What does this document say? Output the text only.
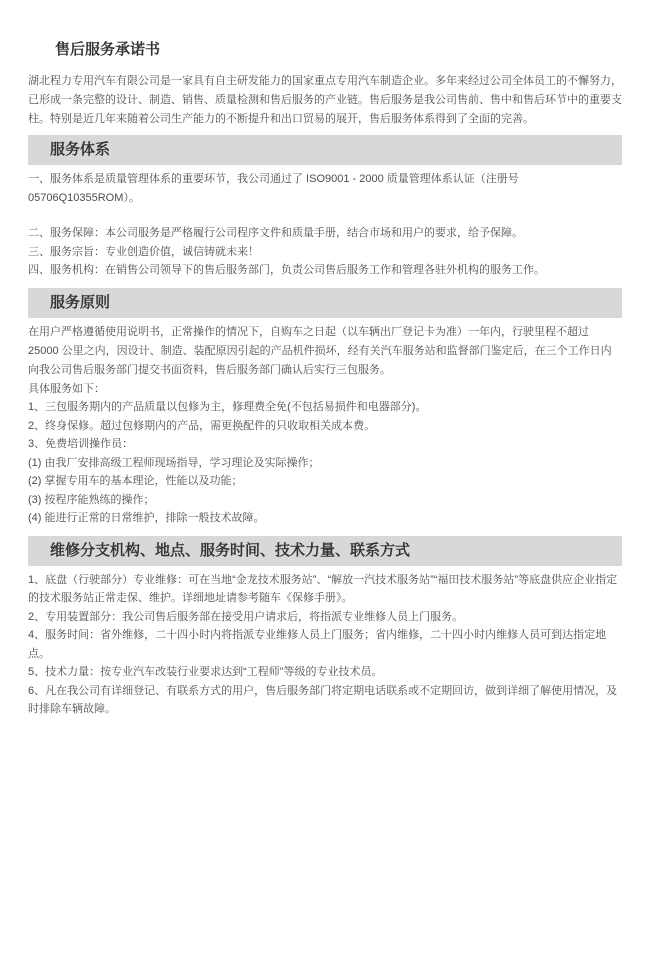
售后服务承诺书

湖北程力专用汽车有限公司是一家具有自主研发能力的国家重点专用汽车制造企业。多年来经过公司全体员工的不懈努力，已形成一条完整的设计、制造、销售、质量检测和售后服务的产业链。售后服务是我公司售前、售中和售后环节中的重要支柱。特别是近几年来随着公司生产能力的不断提升和出口贸易的展开，售后服务体系得到了全面的完善。

服务体系

一、服务体系是质量管理体系的重要环节，我公司通过了 ISO9001 - 2000 质量管理体系认证（注册号 05706Q10355ROM）。

二、服务保障：本公司服务是严格履行公司程序文件和质量手册，结合市场和用户的要求，给予保障。

三、服务宗旨：专业创造价值，诚信铸就未来！

四、服务机构：在销售公司领导下的售后服务部门，负责公司售后服务工作和管理各驻外机构的服务工作。

服务原则

在用户严格遵循使用说明书，正常操作的情况下，自购车之日起（以车辆出厂登记卡为准）一年内，行驶里程不超过 25000 公里之内，因设计、制造、装配原因引起的产品机件损坏，经有关汽车服务站和监督部门鉴定后，在三个工作日内向我公司售后服务部门提交书面资料，售后服务部门确认后实行三包服务。

具体服务如下：

1、三包服务期内的产品质量以包修为主，修理费全免(不包括易损件和电器部分)。

2、终身保修。超过包修期内的产品，需更换配件的只收取相关成本费。

3、免费培训操作员：

(1) 由我厂安排高级工程师现场指导，学习理论及实际操作；

(2) 掌握专用车的基本理论，性能以及功能；

(3) 按程序能熟练的操作；

(4) 能进行正常的日常维护，排除一般技术故障。

维修分支机构、地点、服务时间、技术力量、联系方式

1、底盘（行驶部分）专业维修：可在当地“金龙技术服务站”、“解放一汽技术服务站”“福田技术服务站”等底盘供应企业指定的技术服务站正常走保、维护。详细地址请参考随车《保修手册》。

2、专用装置部分：我公司售后服务部在接受用户请求后，将指派专业维修人员上门服务。

4、服务时间：省外维修，二十四小时内将指派专业维修人员上门服务；省内维修，二十四小时内维修人员可到达指定地点。

5、技术力量：按专业汽车改装行业要求达到“工程师”等级的专业技术员。

6、凡在我公司有详细登记、有联系方式的用户，售后服务部门将定期电话联系或不定期回访，做到详细了解使用情况，及时排除车辆故障。
